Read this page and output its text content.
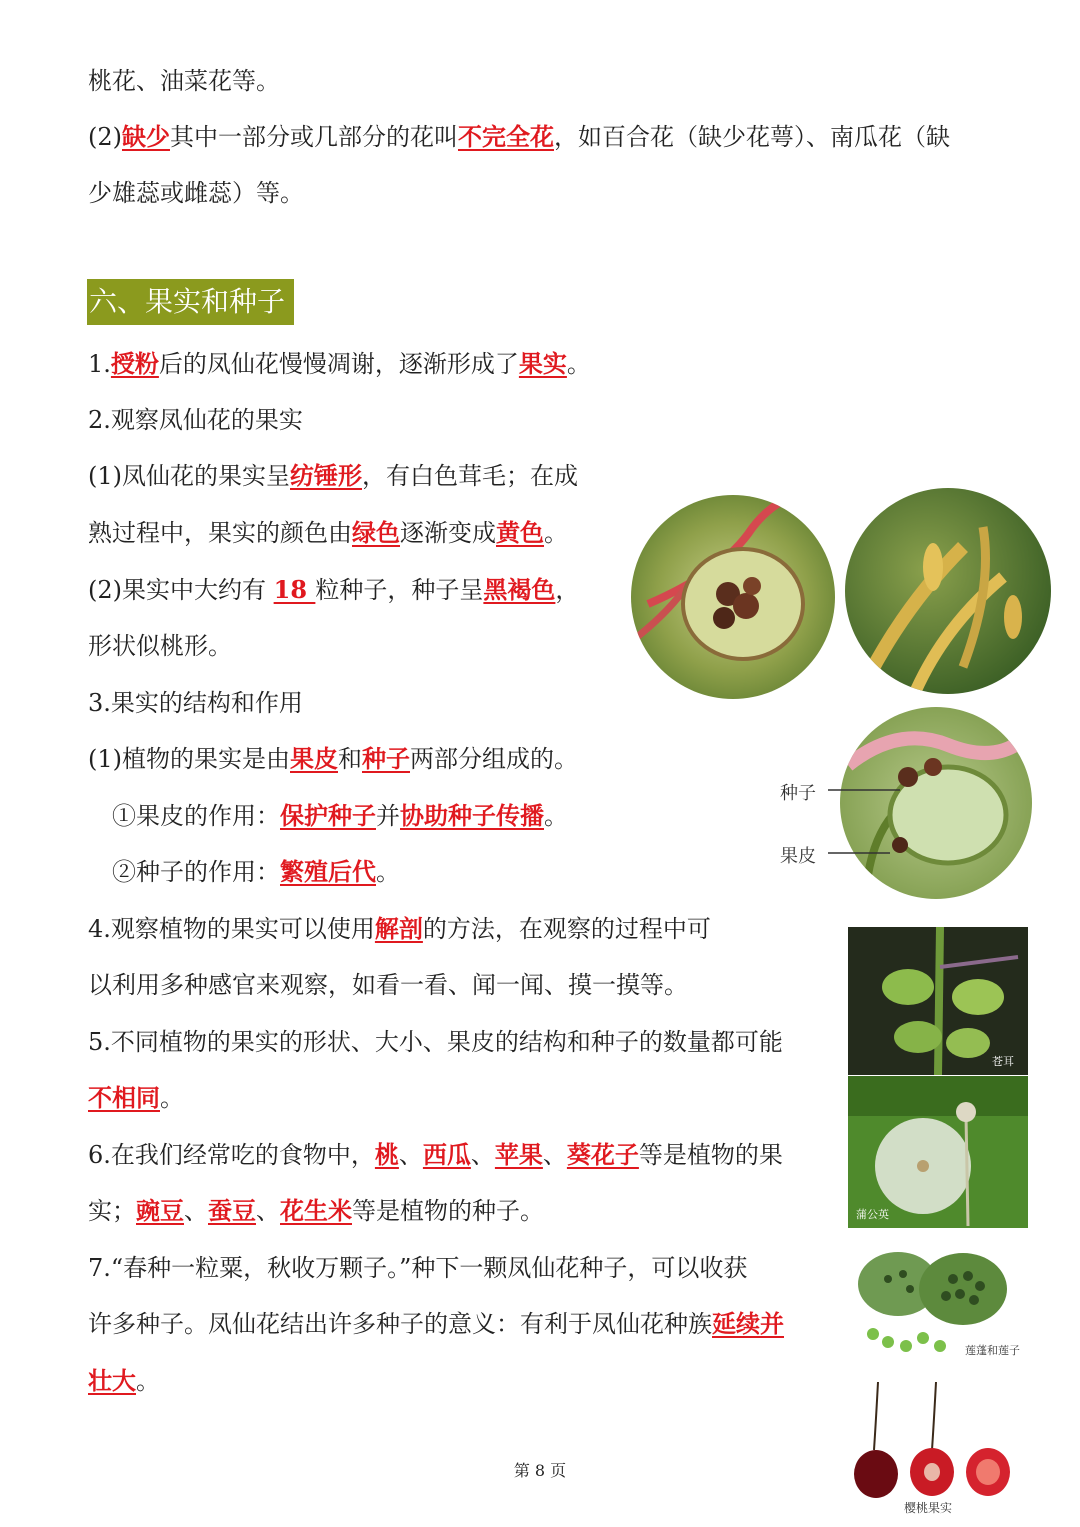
桃花、油菜花等。
(2)缺少其中一部分或几部分的花叫不完全花，如百合花（缺少花萼）、南瓜花（缺
少雄蕊或雌蕊）等。
六、果实和种子
1.授粉后的凤仙花慢慢凋谢，逐渐形成了果实。
2.观察凤仙花的果实
(1)凤仙花的果实呈纺锤形，有白色茸毛；在成
熟过程中，果实的颜色由绿色逐渐变成黄色。
(2)果实中大约有 18 粒种子，种子呈黑褐色，
形状似桃形。
3.果实的结构和作用
(1)植物的果实是由果皮和种子两部分组成的。
①果皮的作用：保护种子并协助种子传播。
②种子的作用：繁殖后代。
4.观察植物的果实可以使用解剖的方法，在观察的过程中可
以利用多种感官来观察，如看一看、闻一闻、摸一摸等。
5.不同植物的果实的形状、大小、果皮的结构和种子的数量都可能
不相同。
6.在我们经常吃的食物中，桃、西瓜、苹果、葵花子等是植物的果
实；豌豆、蚕豆、花生米等是植物的种子。
7.“春种一粒粟，秋收万颗子。”种下一颗凤仙花种子，可以收获
许多种子。凤仙花结出许多种子的意义：有利于凤仙花种族延续并
壮大。
种子
果皮
苍耳
蒲公英
莲蓬和莲子
樱桃果实
第 8 页
